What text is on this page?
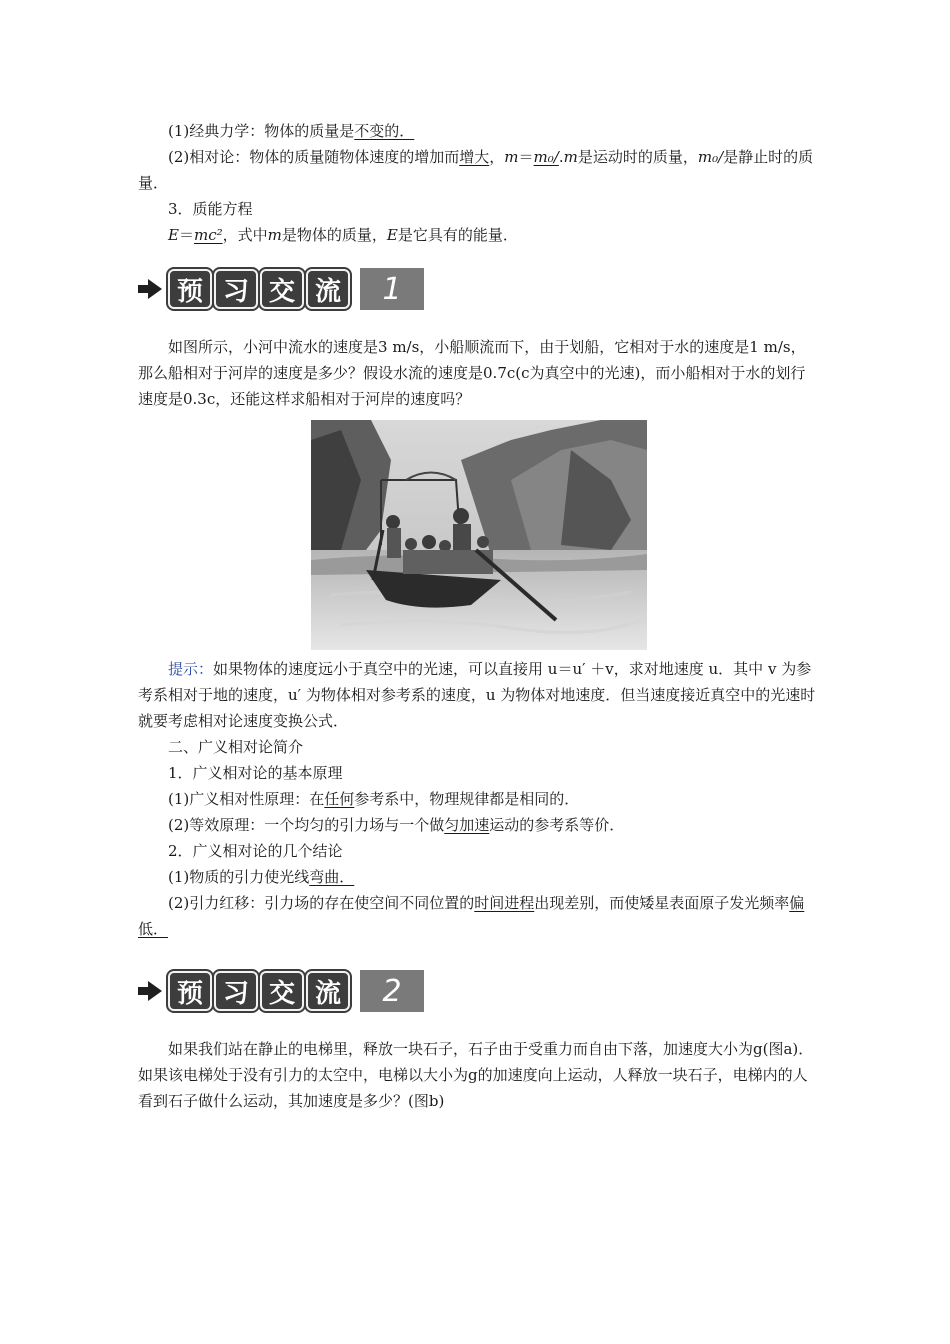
(1)经典力学：物体的质量是不变的．

(2)相对论：物体的质量随物体速度的增加而增大，m＝m₀/.m是运动时的质量，m₀/是静止时的质量．

3．质能方程

E＝mc²，式中m是物体的质量，E是它具有的能量．

预 习 交 流	1

如图所示，小河中流水的速度是3 m/s，小船顺流而下，由于划船，它相对于水的速度是1 m/s，那么船相对于河岸的速度是多少？假设水流的速度是0.7c(c为真空中的光速)，而小船相对于水的划行速度是0.3c，还能这样求船相对于河岸的速度吗？

提示：如果物体的速度远小于真空中的光速，可以直接用 u＝u′ ＋v，求对地速度 u．其中 v 为参考系相对于地的速度，u′ 为物体相对参考系的速度，u 为物体对地速度．但当速度接近真空中的光速时就要考虑相对论速度变换公式．

二、广义相对论简介

1．广义相对论的基本原理

(1)广义相对性原理：在任何参考系中，物理规律都是相同的．

(2)等效原理：一个均匀的引力场与一个做匀加速运动的参考系等价．

2．广义相对论的几个结论

(1)物质的引力使光线弯曲．

(2)引力红移：引力场的存在使空间不同位置的时间进程出现差别，而使矮星表面原子发光频率偏低．

预 习 交 流	2

如果我们站在静止的电梯里，释放一块石子，石子由于受重力而自由下落，加速度大小为g(图a)．如果该电梯处于没有引力的太空中，电梯以大小为g的加速度向上运动，人释放一块石子，电梯内的人看到石子做什么运动，其加速度是多少？(图b)
